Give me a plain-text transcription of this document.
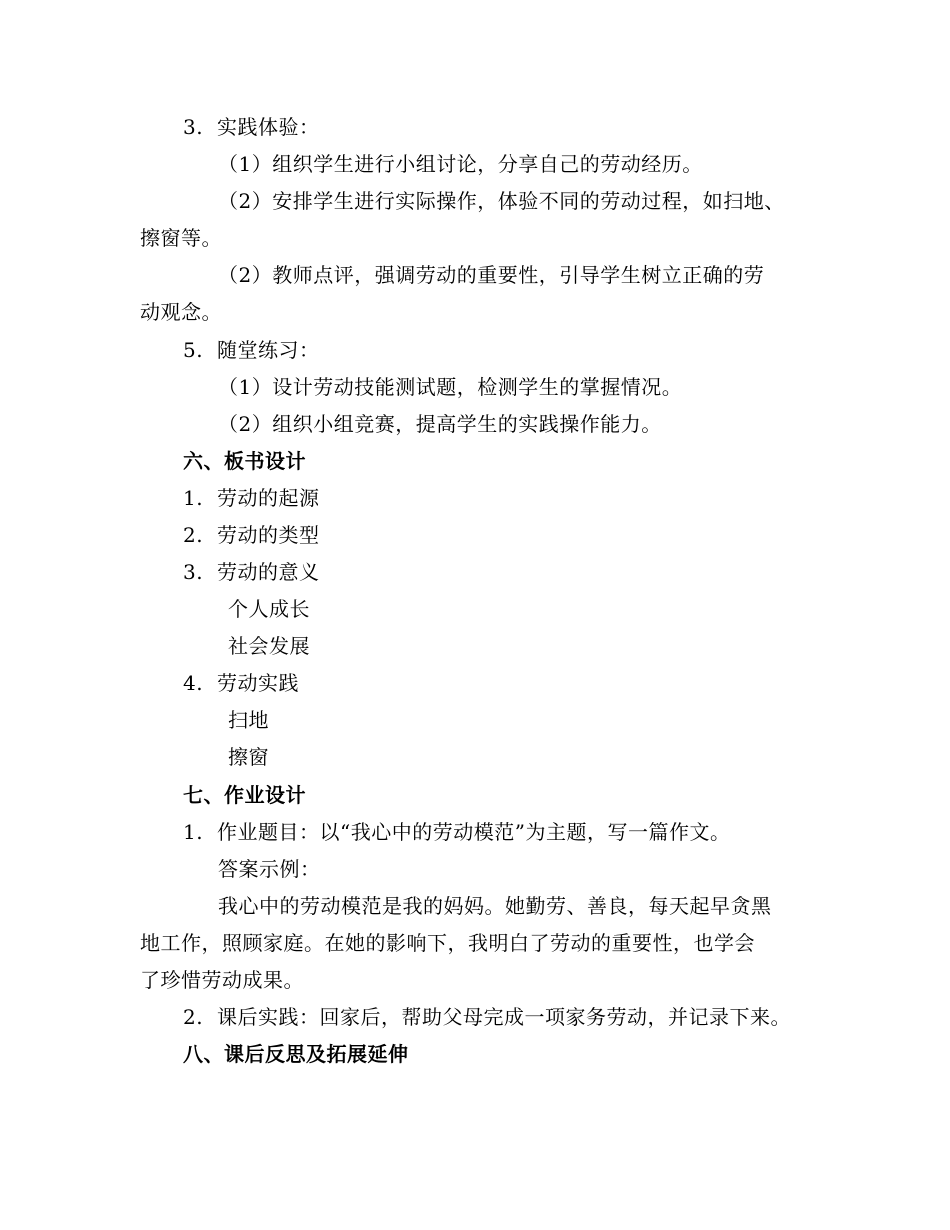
3. 实践体验：
（1）组织学生进行小组讨论，分享自己的劳动经历。
（2）安排学生进行实际操作，体验不同的劳动过程，如扫地、
擦窗等。
（2）教师点评，强调劳动的重要性，引导学生树立正确的劳
动观念。
5. 随堂练习：
（1）设计劳动技能测试题，检测学生的掌握情况。
（2）组织小组竞赛，提高学生的实践操作能力。
六、板书设计
1. 劳动的起源
2. 劳动的类型
3. 劳动的意义
个人成长
社会发展
4. 劳动实践
扫地
擦窗
七、作业设计
1. 作业题目：以“我心中的劳动模范”为主题，写一篇作文。
答案示例：
我心中的劳动模范是我的妈妈。她勤劳、善良，每天起早贪黑
地工作，照顾家庭。在她的影响下，我明白了劳动的重要性，也学会
了珍惜劳动成果。
2. 课后实践：回家后，帮助父母完成一项家务劳动，并记录下来。
八、课后反思及拓展延伸
